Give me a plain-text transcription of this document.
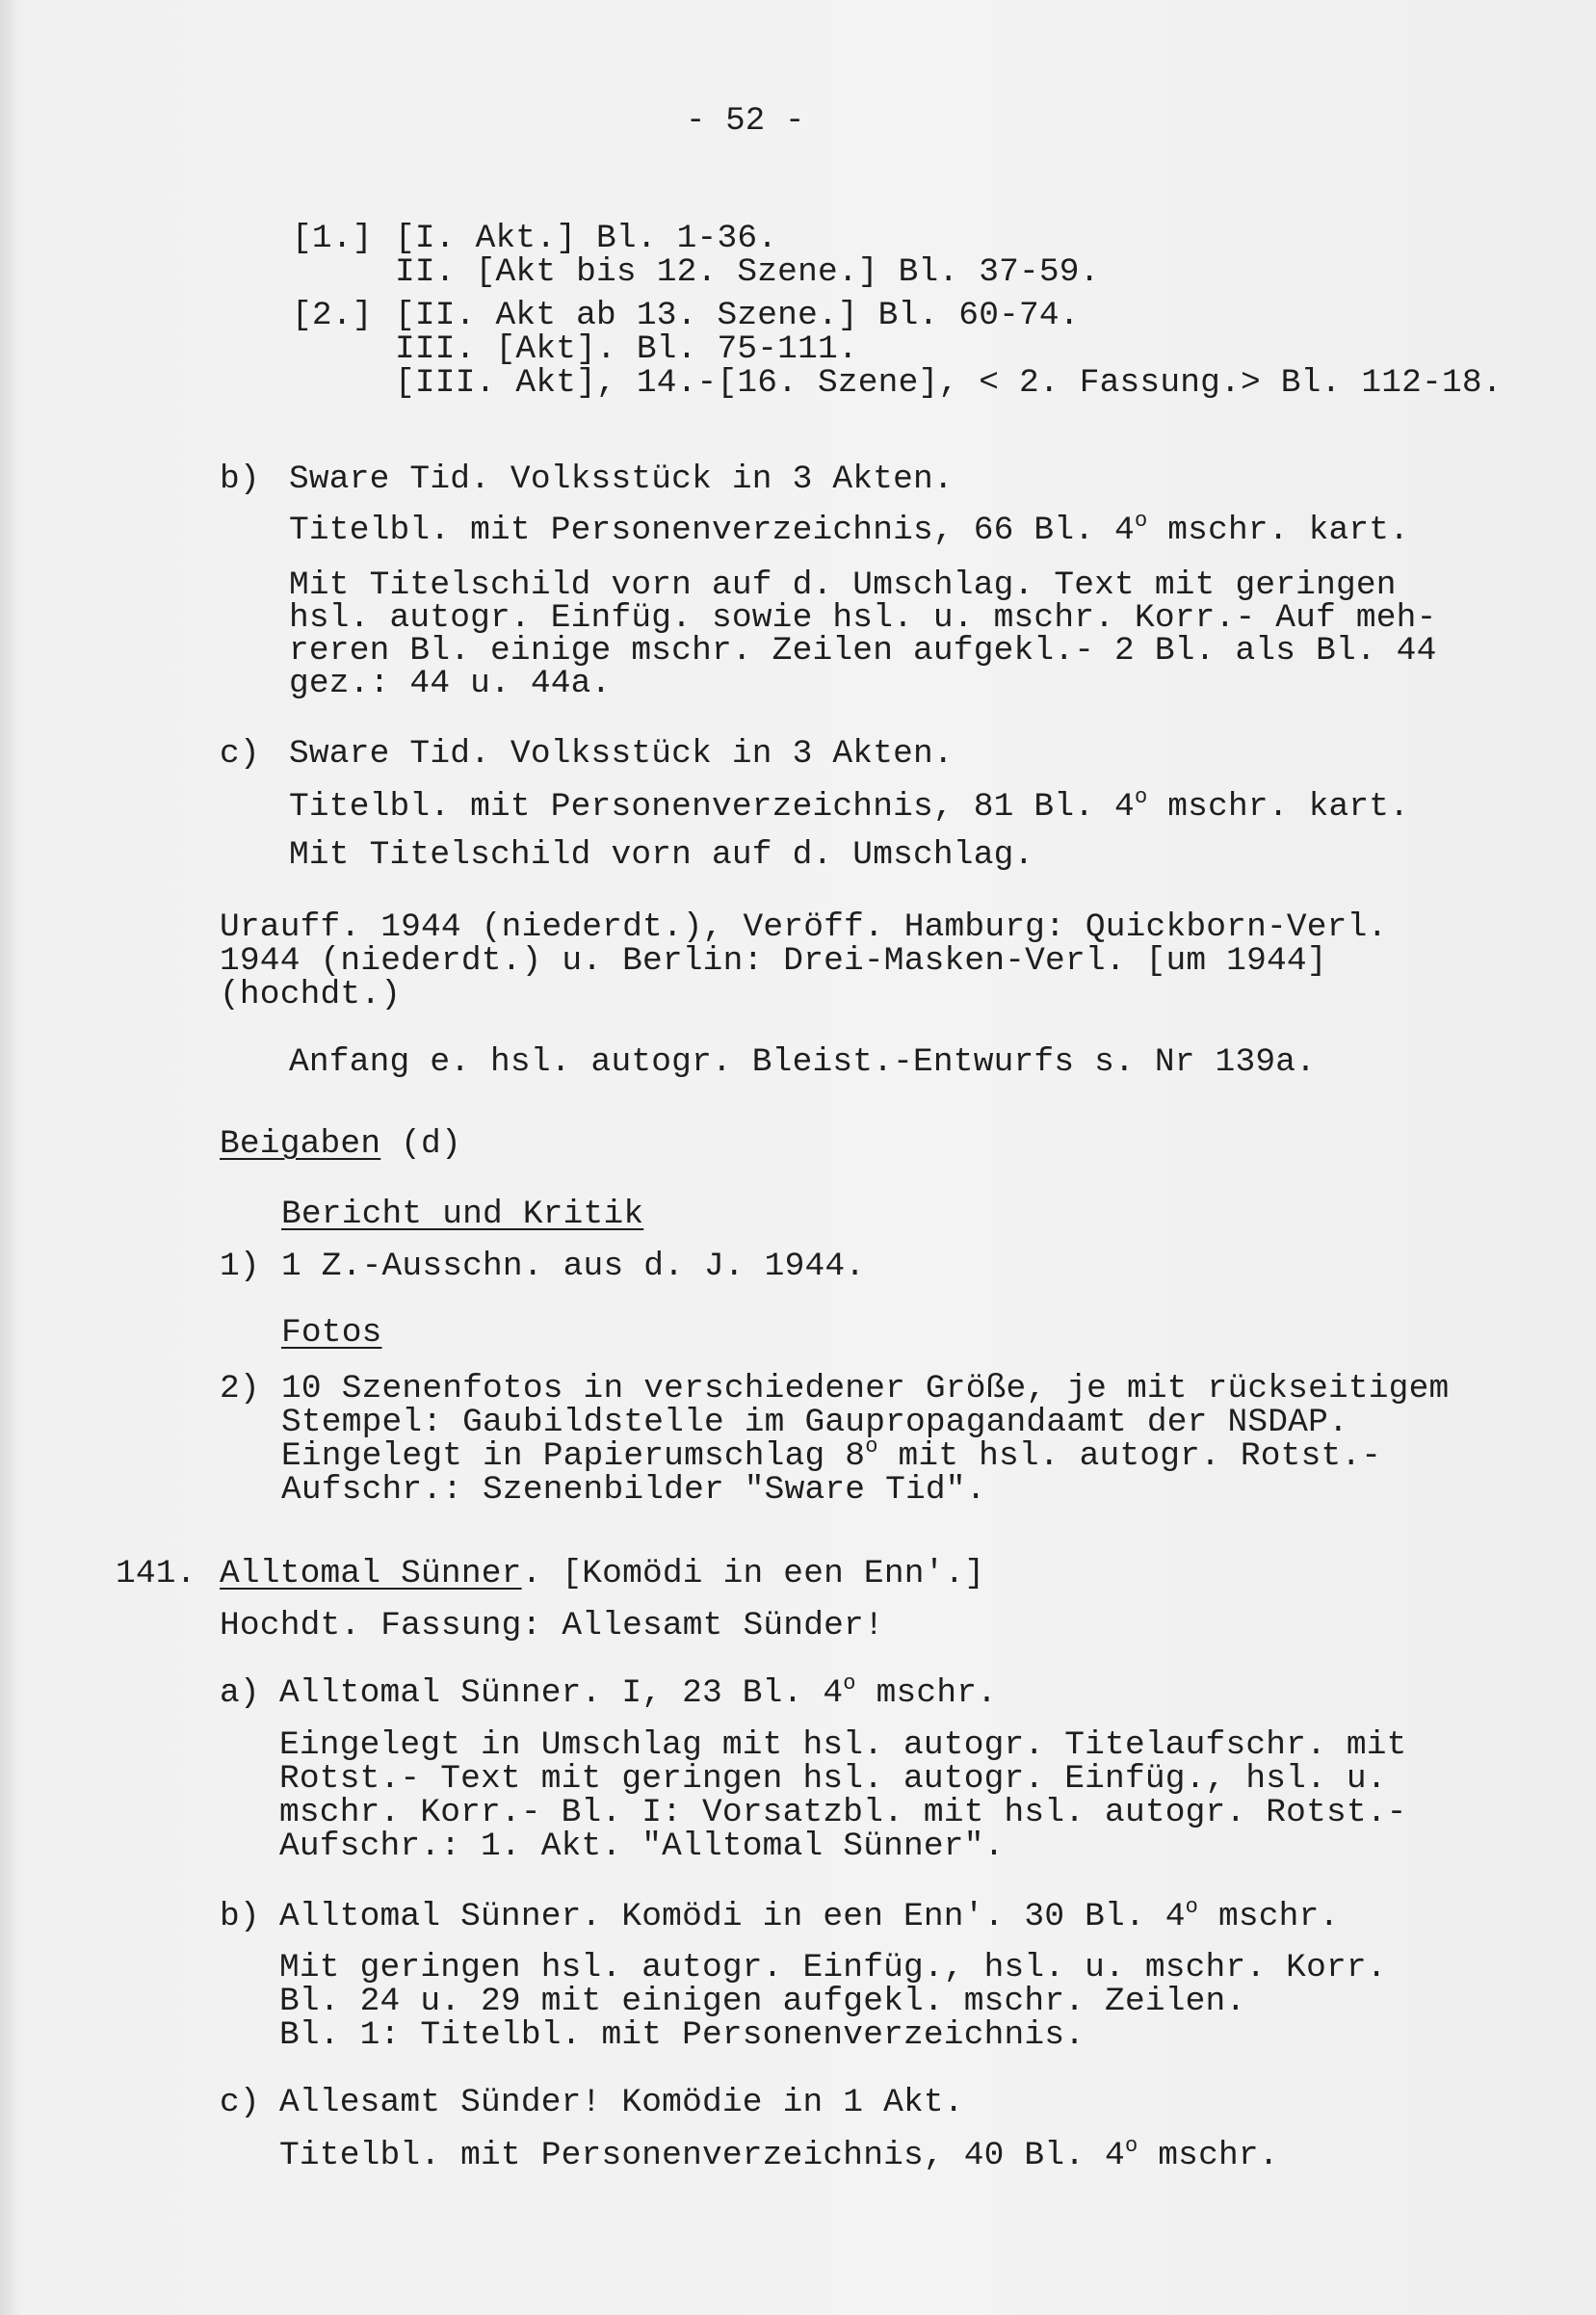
- 52 -
[1.] [I. Akt.] Bl. 1-36.
II. [Akt bis 12. Szene.] Bl. 37-59.
[2.] [II. Akt ab 13. Szene.] Bl. 60-74.
III. [Akt]. Bl. 75-111.
[III. Akt], 14.-[16. Szene], < 2. Fassung.> Bl. 112-18.
b) Sware Tid. Volksstück in 3 Akten.
Titelbl. mit Personenverzeichnis, 66 Bl. 4$^o$ mschr. kart.
Mit Titelschild vorn auf d. Umschlag. Text mit geringen
hsl. autogr. Einfüg. sowie hsl. u. mschr. Korr.- Auf meh-
reren Bl. einige mschr. Zeilen aufgekl.- 2 Bl. als Bl. 44
gez.: 44 u. 44a.
c) Sware Tid. Volksstück in 3 Akten.
Titelbl. mit Personenverzeichnis, 81 Bl. 4$^o$ mschr. kart.
Mit Titelschild vorn auf d. Umschlag.
Urauff. 1944 (niederdt.), Veröff. Hamburg: Quickborn-Verl.
1944 (niederdt.) u. Berlin: Drei-Masken-Verl. [um 1944]
(hochdt.)
Anfang e. hsl. autogr. Bleist.-Entwurfs s. Nr 139a.
Beigaben (d)
Bericht und Kritik
1) 1 Z.-Ausschn. aus d. J. 1944.
Fotos
2) 10 Szenenfotos in verschiedener Größe, je mit rückseitigem
Stempel: Gaubildstelle im Gaupropagandaamt der NSDAP.
Eingelegt in Papierumschlag 8$^o$ mit hsl. autogr. Rotst.-
Aufschr.: Szenenbilder "Sware Tid".
141. Alltomal Sünner. [Komödi in een Enn'.]
Hochdt. Fassung: Allesamt Sünder!
a) Alltomal Sünner. I, 23 Bl. 4$^o$ mschr.
Eingelegt in Umschlag mit hsl. autogr. Titelaufschr. mit
Rotst.- Text mit geringen hsl. autogr. Einfüg., hsl. u.
mschr. Korr.- Bl. I: Vorsatzbl. mit hsl. autogr. Rotst.-
Aufschr.: 1. Akt. "Alltomal Sünner".
b) Alltomal Sünner. Komödi in een Enn'. 30 Bl. 4$^o$ mschr.
Mit geringen hsl. autogr. Einfüg., hsl. u. mschr. Korr.
Bl. 24 u. 29 mit einigen aufgekl. mschr. Zeilen.
Bl. 1: Titelbl. mit Personenverzeichnis.
c) Allesamt Sünder! Komödie in 1 Akt.
Titelbl. mit Personenverzeichnis, 40 Bl. 4$^o$ mschr.
